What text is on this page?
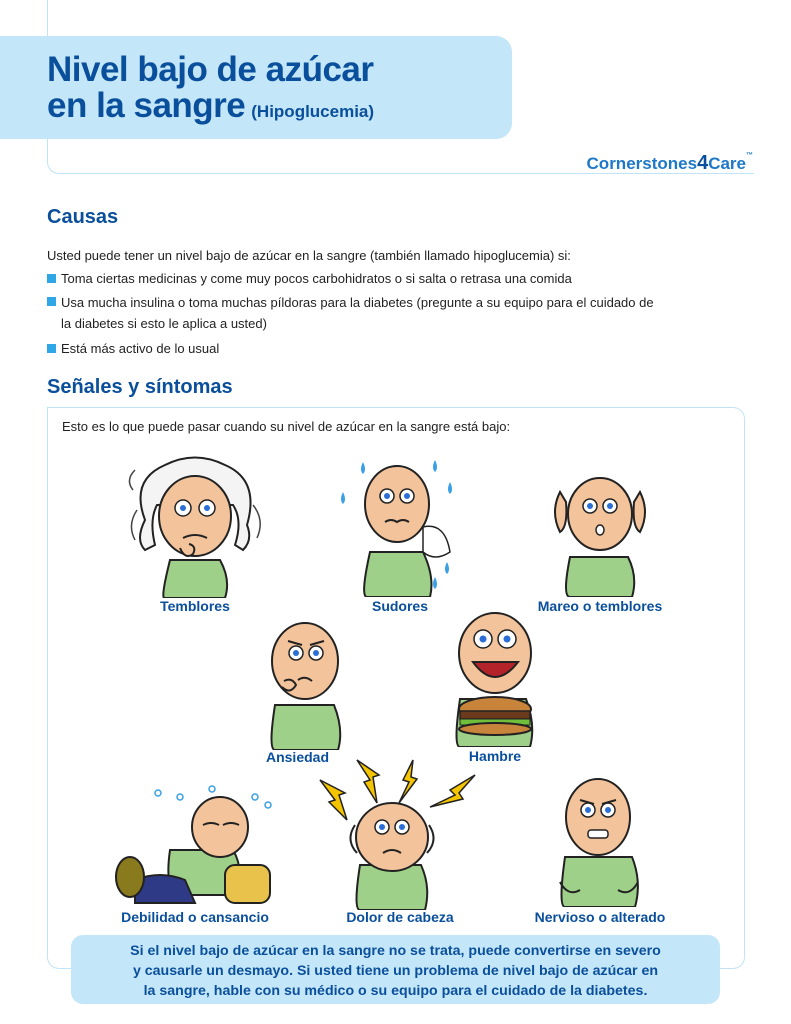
Nivel bajo de azúcar
en la sangre (Hipoglucemia)
Cornerstones4Care™
Causas
Usted puede tener un nivel bajo de azúcar en la sangre (también llamado hipoglucemia) si:
Toma ciertas medicinas y come muy pocos carbohidratos o si salta o retrasa una comida
Usa mucha insulina o toma muchas píldoras para la diabetes (pregunte a su equipo para el cuidado de
la diabetes si esto le aplica a usted)
Está más activo de lo usual
Señales y síntomas
Esto es lo que puede pasar cuando su nivel de azúcar en la sangre está bajo:
Temblores	Sudores	Mareo o temblores
Ansiedad	Hambre
Debilidad o cansancio	Dolor de cabeza	Nervioso o alterado
Si el nivel bajo de azúcar en la sangre no se trata, puede convertirse en severo
y causarle un desmayo. Si usted tiene un problema de nivel bajo de azúcar en
la sangre, hable con su médico o su equipo para el cuidado de la diabetes.
